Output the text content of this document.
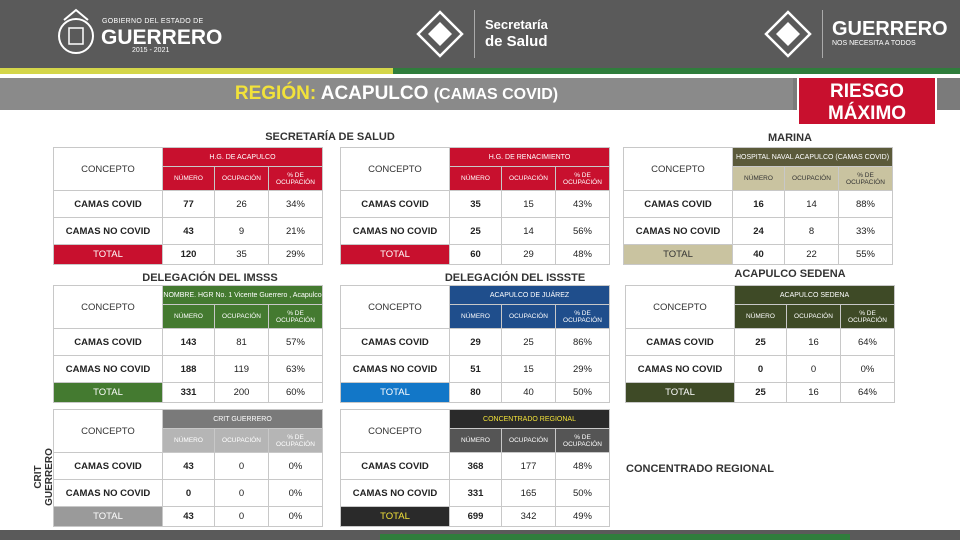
GOBIERNO DEL ESTADO DE
GUERRERO
2015 - 2021
Secretaría
de Salud
GUERRERO
NOS NECESITA A TODOS
REGIÓN: ACAPULCO (CAMAS COVID)	RIESGO
MÁXIMO
SECRETARÍA DE SALUD	MARINA
DELEGACIÓN DEL IMSSS	DELEGACIÓN DEL ISSSTE	ACAPULCO SEDENA
CONCENTRADO REGIONAL
CRIT GUERRERO
CONCEPTO	H.G. DE ACAPULCO		
	NÚMERO	OCUPACIÓN	% DE OCUPACIÓN
CAMAS COVID	77	26	34%
CAMAS NO COVID	43	9	21%
TOTAL	120	35	29%
CONCEPTO	H.G. DE RENACIMIENTO		
	NÚMERO	OCUPACIÓN	% DE OCUPACIÓN
CAMAS COVID	35	15	43%
CAMAS NO COVID	25	14	56%
TOTAL	60	29	48%
CONCEPTO	HOSPITAL NAVAL ACAPULCO (CAMAS COVID)		
	NÚMERO	OCUPACIÓN	% DE OCUPACIÓN
CAMAS COVID	16	14	88%
CAMAS NO COVID	24	8	33%
TOTAL	40	22	55%
CONCEPTO	NOMBRE. HGR No. 1 Vicente Guerrero , Acapulco		
	NÚMERO	OCUPACIÓN	% DE OCUPACIÓN
CAMAS COVID	143	81	57%
CAMAS NO COVID	188	119	63%
TOTAL	331	200	60%
CONCEPTO	ACAPULCO DE JUÁREZ		
	NÚMERO	OCUPACIÓN	% DE OCUPACIÓN
CAMAS COVID	29	25	86%
CAMAS NO COVID	51	15	29%
TOTAL	80	40	50%
CONCEPTO	ACAPULCO SEDENA		
	NÚMERO	OCUPACIÓN	% DE OCUPACIÓN
CAMAS COVID	25	16	64%
CAMAS NO COVID	0	0	0%
TOTAL	25	16	64%
CONCEPTO	CRIT GUERRERO		
	NÚMERO	OCUPACIÓN	% DE OCUPACIÓN
CAMAS COVID	43	0	0%
CAMAS NO COVID	0	0	0%
TOTAL	43	0	0%
CONCEPTO	CONCENTRADO REGIONAL		
	NÚMERO	OCUPACIÓN	% DE OCUPACIÓN
CAMAS COVID	368	177	48%
CAMAS NO COVID	331	165	50%
TOTAL	699	342	49%
